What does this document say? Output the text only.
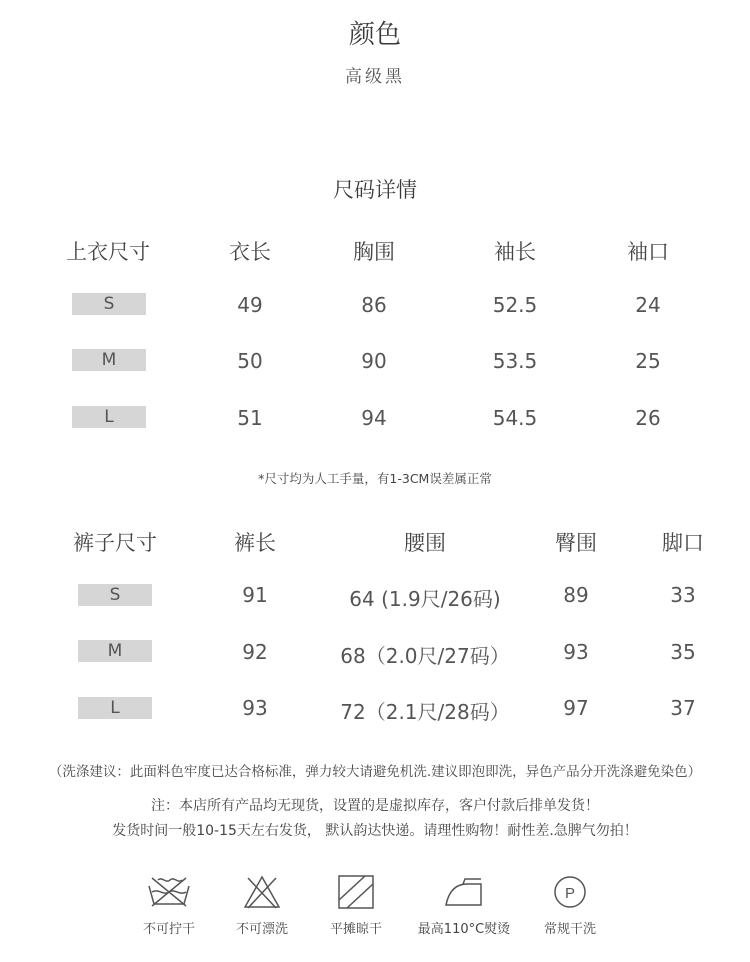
颜色
高级黑
尺码详情
上衣尺寸	衣长	胸围	袖长	袖口
S	49	86	52.5	24
M	50	90	53.5	25
L	51	94	54.5	26
*尺寸均为人工手量，有1-3CM误差属正常
裤子尺寸	裤长	腰围	臀围	脚口
S	91	64 (1.9尺/26码)	89	33
M	92	68（2.0尺/27码）	93	35
L	93	72（2.1尺/28码）	97	37
（洗涤建议：此面料色牢度已达合格标准，弹力较大请避免机洗.建议即泡即洗，异色产品分开洗涤避免染色）
注：本店所有产品均无现货，设置的是虚拟库存，客户付款后排单发货！
发货时间一般10-15天左右发货， 默认韵达快递。请理性购物！耐性差.急脾气勿拍！
不可拧干	不可漂洗	平摊晾干	最高110°C熨烫
P
常规干洗
